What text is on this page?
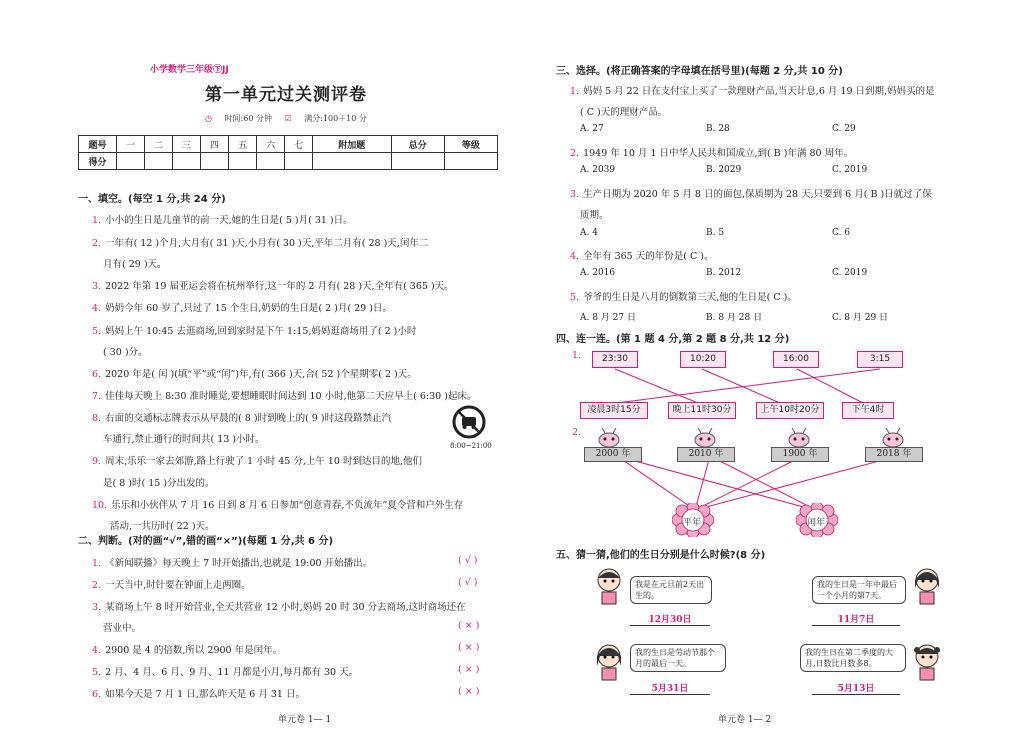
小学数学三年级㊦JJ
第一单元过关测评卷
◷ 时间:60 分钟 ☑ 满分:100＋10 分
题号	一	二	三	四	五	六	七	附加题	总分	等级
得分										
一、填空。(每空 1 分,共 24 分)
1. 小小的生日是儿童节的前一天,她的生日是( 5 )月( 31 )日。
2. 一年有( 12 )个月,大月有( 31 )天,小月有( 30 )天,平年二月有( 28 )天,闰年二
月有( 29 )天。
3. 2022 年第 19 届亚运会将在杭州举行,这一年的 2 月有( 28 )天,全年有( 365 )天。
4. 奶奶今年 60 岁了,只过了 15 个生日,奶奶的生日是( 2 )月( 29 )日。
5. 妈妈上午 10:45 去逛商场,回到家时是下午 1:15,妈妈逛商场用了( 2 )小时
( 30 )分。
6. 2020 年是( 闰 )(填“平”或“闰”)年,有( 366 )天,合( 52 )个星期零( 2 )天。
7. 佳佳每天晚上 8:30 准时睡觉,要想睡眠时间达到 10 小时,他第二天应早上( 6:30 )起床。
8. 右面的交通标志牌表示从早晨的( 8 )时到晚上的( 9 )时这段路禁止汽
车通行,禁止通行的时间共( 13 )小时。
9. 周末,乐乐一家去郊游,路上行驶了 1 小时 45 分,上午 10 时到达目的地,他们
是( 8 )时( 15 )分出发的。
10. 乐乐和小伙伴从 7 月 16 日到 8 月 6 日参加“创意青春,不负流年”夏令营和户外生存
活动,一共历时( 22 )天。
8:00~21:00
二、判断。(对的画“√”,错的画“×”)(每题 1 分,共 6 分)
1. 《新闻联播》每天晚上 7 时开始播出,也就是 19:00 开始播出。	( √ )
2. 一天当中,时针要在钟面上走两圈。	( √ )
3. 某商场上午 8 时开始营业,全天共营业 12 小时,妈妈 20 时 30 分去商场,这时商场还在
营业中。	( × )
4. 2900 是 4 的倍数,所以 2900 年是闰年。	( × )
5. 2 月、4 月、6 月、9 月、11 月都是小月,每月都有 30 天。	( × )
6. 如果今天是 7 月 1 日,那么昨天是 6 月 31 日。	( × )
单元卷 1— 1
三、选择。(将正确答案的字母填在括号里)(每题 2 分,共 10 分)
1. 妈妈 5 月 22 日在支付宝上买了一款理财产品,当天计息,6 月 19 日到期,妈妈买的是
( C )天的理财产品。
A. 27	B. 28	C. 29
2. 1949 年 10 月 1 日中华人民共和国成立,到( B )年满 80 周年。
A. 2039	B. 2029	C. 2019
3. 生产日期为 2020 年 5 月 8 日的面包,保质期为 28 天,只要到 6 月( B )日就过了保
质期。
A. 4	B. 5	C. 6
4. 全年有 365 天的年份是( C )。
A. 2016	B. 2012	C. 2019
5. 爷爷的生日是八月的倒数第三天,他的生日是( C )。
A. 8 月 27 日	B. 8 月 28 日	C. 8 月 29 日
四、连一连。(第 1 题 4 分,第 2 题 8 分,共 12 分)
1.	23:30	10:20	16:00	3:15
凌晨3时15分	晚上11时30分	上午10时20分	下午4时
2.
2000 年	2010 年	1900 年	2018 年
平年	闰年
五、猜一猜,他们的生日分别是什么时候?(8 分)
我是在元旦前2天出生的。
12月30日
我的生日是一年中最后一个小月的第7天。
11月7日
我的生日是劳动节那个月的最后一天。
5月31日
我的生日在第二季度的大月,日数比月数多8。
5月13日
单元卷 1— 2
